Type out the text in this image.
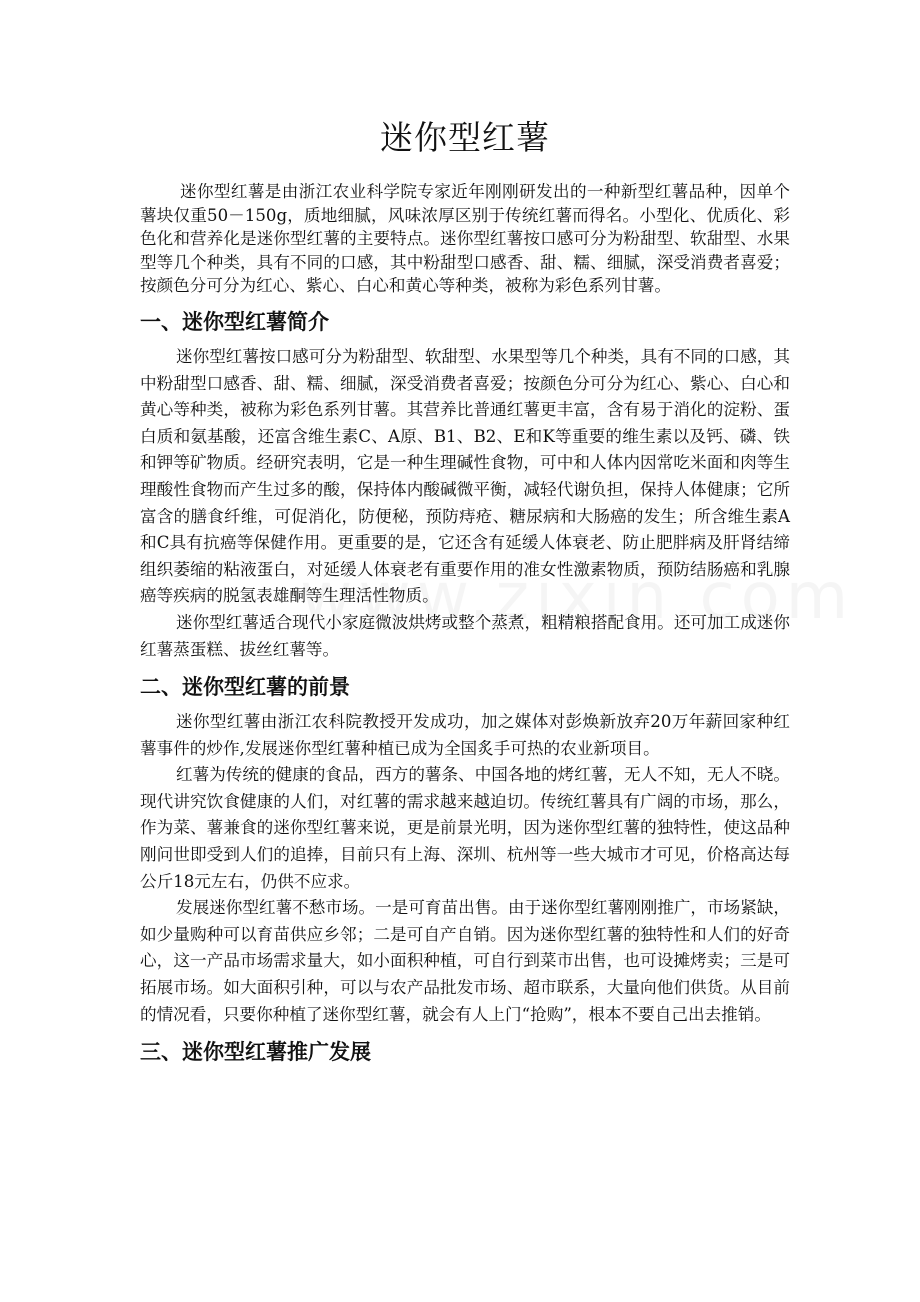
迷你型红薯

迷你型红薯是由浙江农业科学院专家近年刚刚研发出的一种新型红薯品种，因单个薯块仅重50－150g，质地细腻，风味浓厚区别于传统红薯而得名。小型化、优质化、彩色化和营养化是迷你型红薯的主要特点。迷你型红薯按口感可分为粉甜型、软甜型、水果型等几个种类，具有不同的口感，其中粉甜型口感香、甜、糯、细腻，深受消费者喜爱；按颜色分可分为红心、紫心、白心和黄心等种类，被称为彩色系列甘薯。

一、迷你型红薯简介

迷你型红薯按口感可分为粉甜型、软甜型、水果型等几个种类，具有不同的口感，其中粉甜型口感香、甜、糯、细腻，深受消费者喜爱；按颜色分可分为红心、紫心、白心和黄心等种类，被称为彩色系列甘薯。其营养比普通红薯更丰富，含有易于消化的淀粉、蛋白质和氨基酸，还富含维生素C、A原、B1、B2、E和K等重要的维生素以及钙、磷、铁和钾等矿物质。经研究表明，它是一种生理碱性食物，可中和人体内因常吃米面和肉等生理酸性食物而产生过多的酸，保持体内酸碱微平衡，减轻代谢负担，保持人体健康；它所富含的膳食纤维，可促消化，防便秘，预防痔疮、糖尿病和大肠癌的发生；所含维生素A和C具有抗癌等保健作用。更重要的是，它还含有延缓人体衰老、防止肥胖病及肝肾结缔组织萎缩的粘液蛋白，对延缓人体衰老有重要作用的准女性激素物质，预防结肠癌和乳腺癌等疾病的脱氢表雄酮等生理活性物质。

迷你型红薯适合现代小家庭微波烘烤或整个蒸煮，粗精粮搭配食用。还可加工成迷你红薯蒸蛋糕、拔丝红薯等。

二、迷你型红薯的前景

迷你型红薯由浙江农科院教授开发成功，加之媒体对彭焕新放弃20万年薪回家种红薯事件的炒作,发展迷你型红薯种植已成为全国炙手可热的农业新项目。

红薯为传统的健康的食品，西方的薯条、中国各地的烤红薯，无人不知，无人不晓。现代讲究饮食健康的人们，对红薯的需求越来越迫切。传统红薯具有广阔的市场，那么，作为菜、薯兼食的迷你型红薯来说，更是前景光明，因为迷你型红薯的独特性，使这品种刚问世即受到人们的追捧，目前只有上海、深圳、杭州等一些大城市才可见，价格高达每公斤18元左右，仍供不应求。

发展迷你型红薯不愁市场。一是可育苗出售。由于迷你型红薯刚刚推广，市场紧缺，如少量购种可以育苗供应乡邻；二是可自产自销。因为迷你型红薯的独特性和人们的好奇心，这一产品市场需求量大，如小面积种植，可自行到菜市出售，也可设摊烤卖；三是可拓展市场。如大面积引种，可以与农产品批发市场、超市联系，大量向他们供货。从目前的情况看，只要你种植了迷你型红薯，就会有人上门“抢购”，根本不要自己出去推销。

三、迷你型红薯推广发展
